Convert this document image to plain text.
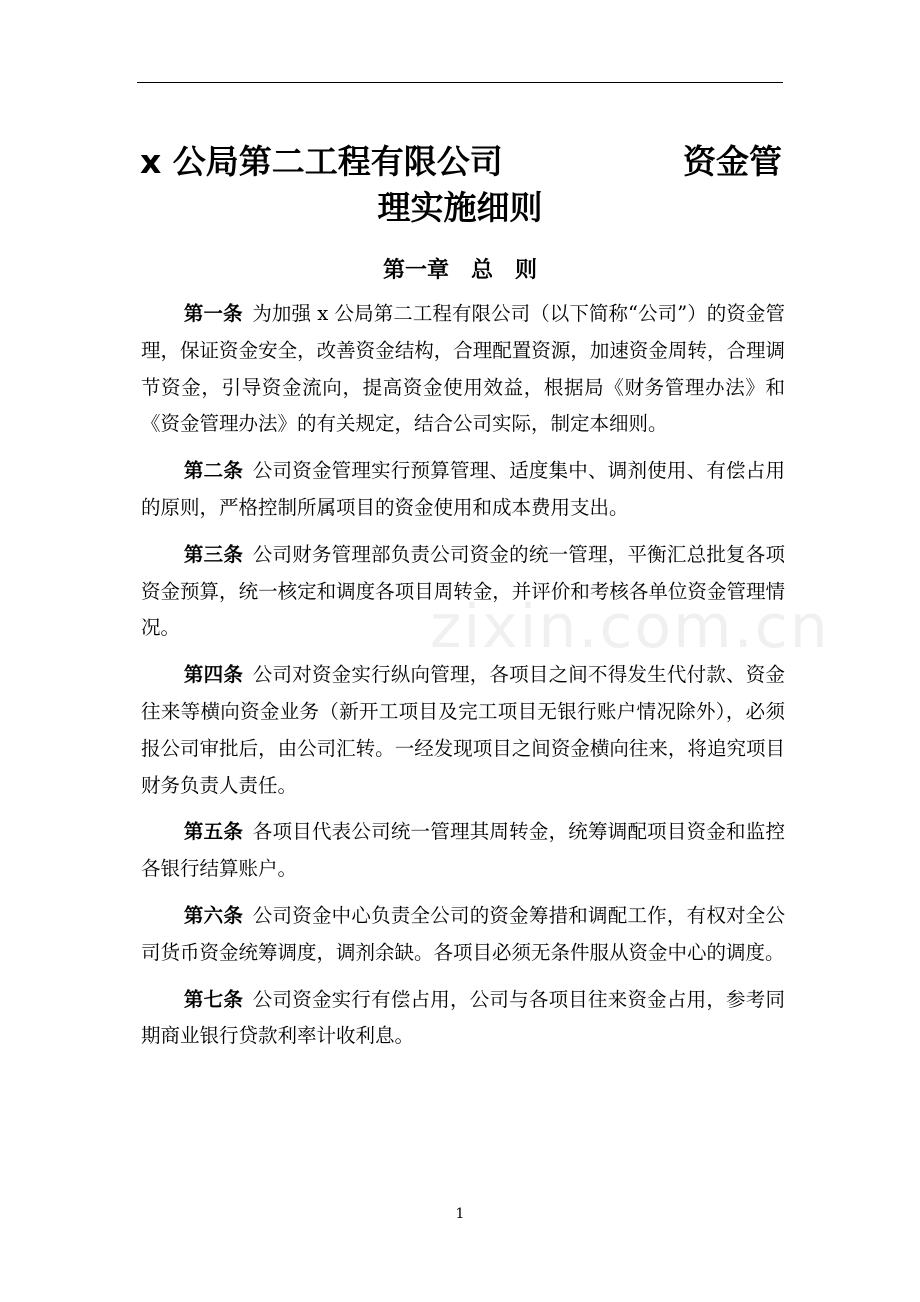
zixin.com.cn
x 公局第二工程有限公司	资金管
理实施细则
第一章　总　则

第一条 为加强 x 公局第二工程有限公司（以下简称“公司”）的资金管理，保证资金安全，改善资金结构，合理配置资源，加速资金周转，合理调节资金，引导资金流向，提高资金使用效益，根据局《财务管理办法》和《资金管理办法》的有关规定，结合公司实际，制定本细则。

第二条 公司资金管理实行预算管理、适度集中、调剂使用、有偿占用的原则，严格控制所属项目的资金使用和成本费用支出。

第三条 公司财务管理部负责公司资金的统一管理，平衡汇总批复各项资金预算，统一核定和调度各项目周转金，并评价和考核各单位资金管理情况。

第四条 公司对资金实行纵向管理，各项目之间不得发生代付款、资金往来等横向资金业务（新开工项目及完工项目无银行账户情况除外），必须报公司审批后，由公司汇转。一经发现项目之间资金横向往来，将追究项目财务负责人责任。

第五条 各项目代表公司统一管理其周转金，统筹调配项目资金和监控各银行结算账户。

第六条 公司资金中心负责全公司的资金筹措和调配工作，有权对全公司货币资金统筹调度，调剂余缺。各项目必须无条件服从资金中心的调度。

第七条 公司资金实行有偿占用，公司与各项目往来资金占用，参考同期商业银行贷款利率计收利息。

1
